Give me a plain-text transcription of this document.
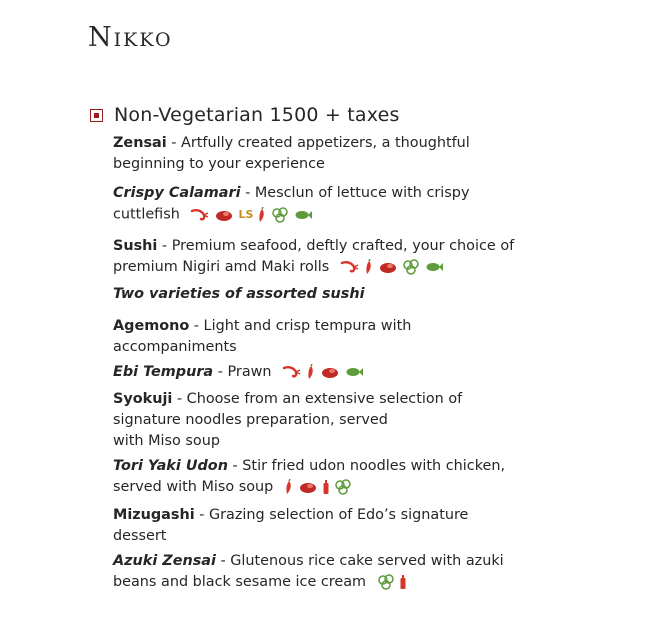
Nikko
Non-Vegetarian 1500 + taxes
Zensai - Artfully created appetizers, a thoughtful
beginning to your experience
Crispy Calamari - Mesclun of lettuce with crispy
cuttlefish	LS
Sushi - Premium seafood, deftly crafted, your choice of
premium Nigiri amd Maki rolls
Two varieties of assorted sushi
Agemono - Light and crisp tempura with
accompaniments
Ebi Tempura - Prawn
Syokuji - Choose from an extensive selection of
signature noodles preparation, served
with Miso soup
Tori Yaki Udon - Stir fried udon noodles with chicken,
served with Miso soup
Mizugashi - Grazing selection of Edo’s signature
dessert
Azuki Zensai - Glutenous rice cake served with azuki
beans and black sesame ice cream
